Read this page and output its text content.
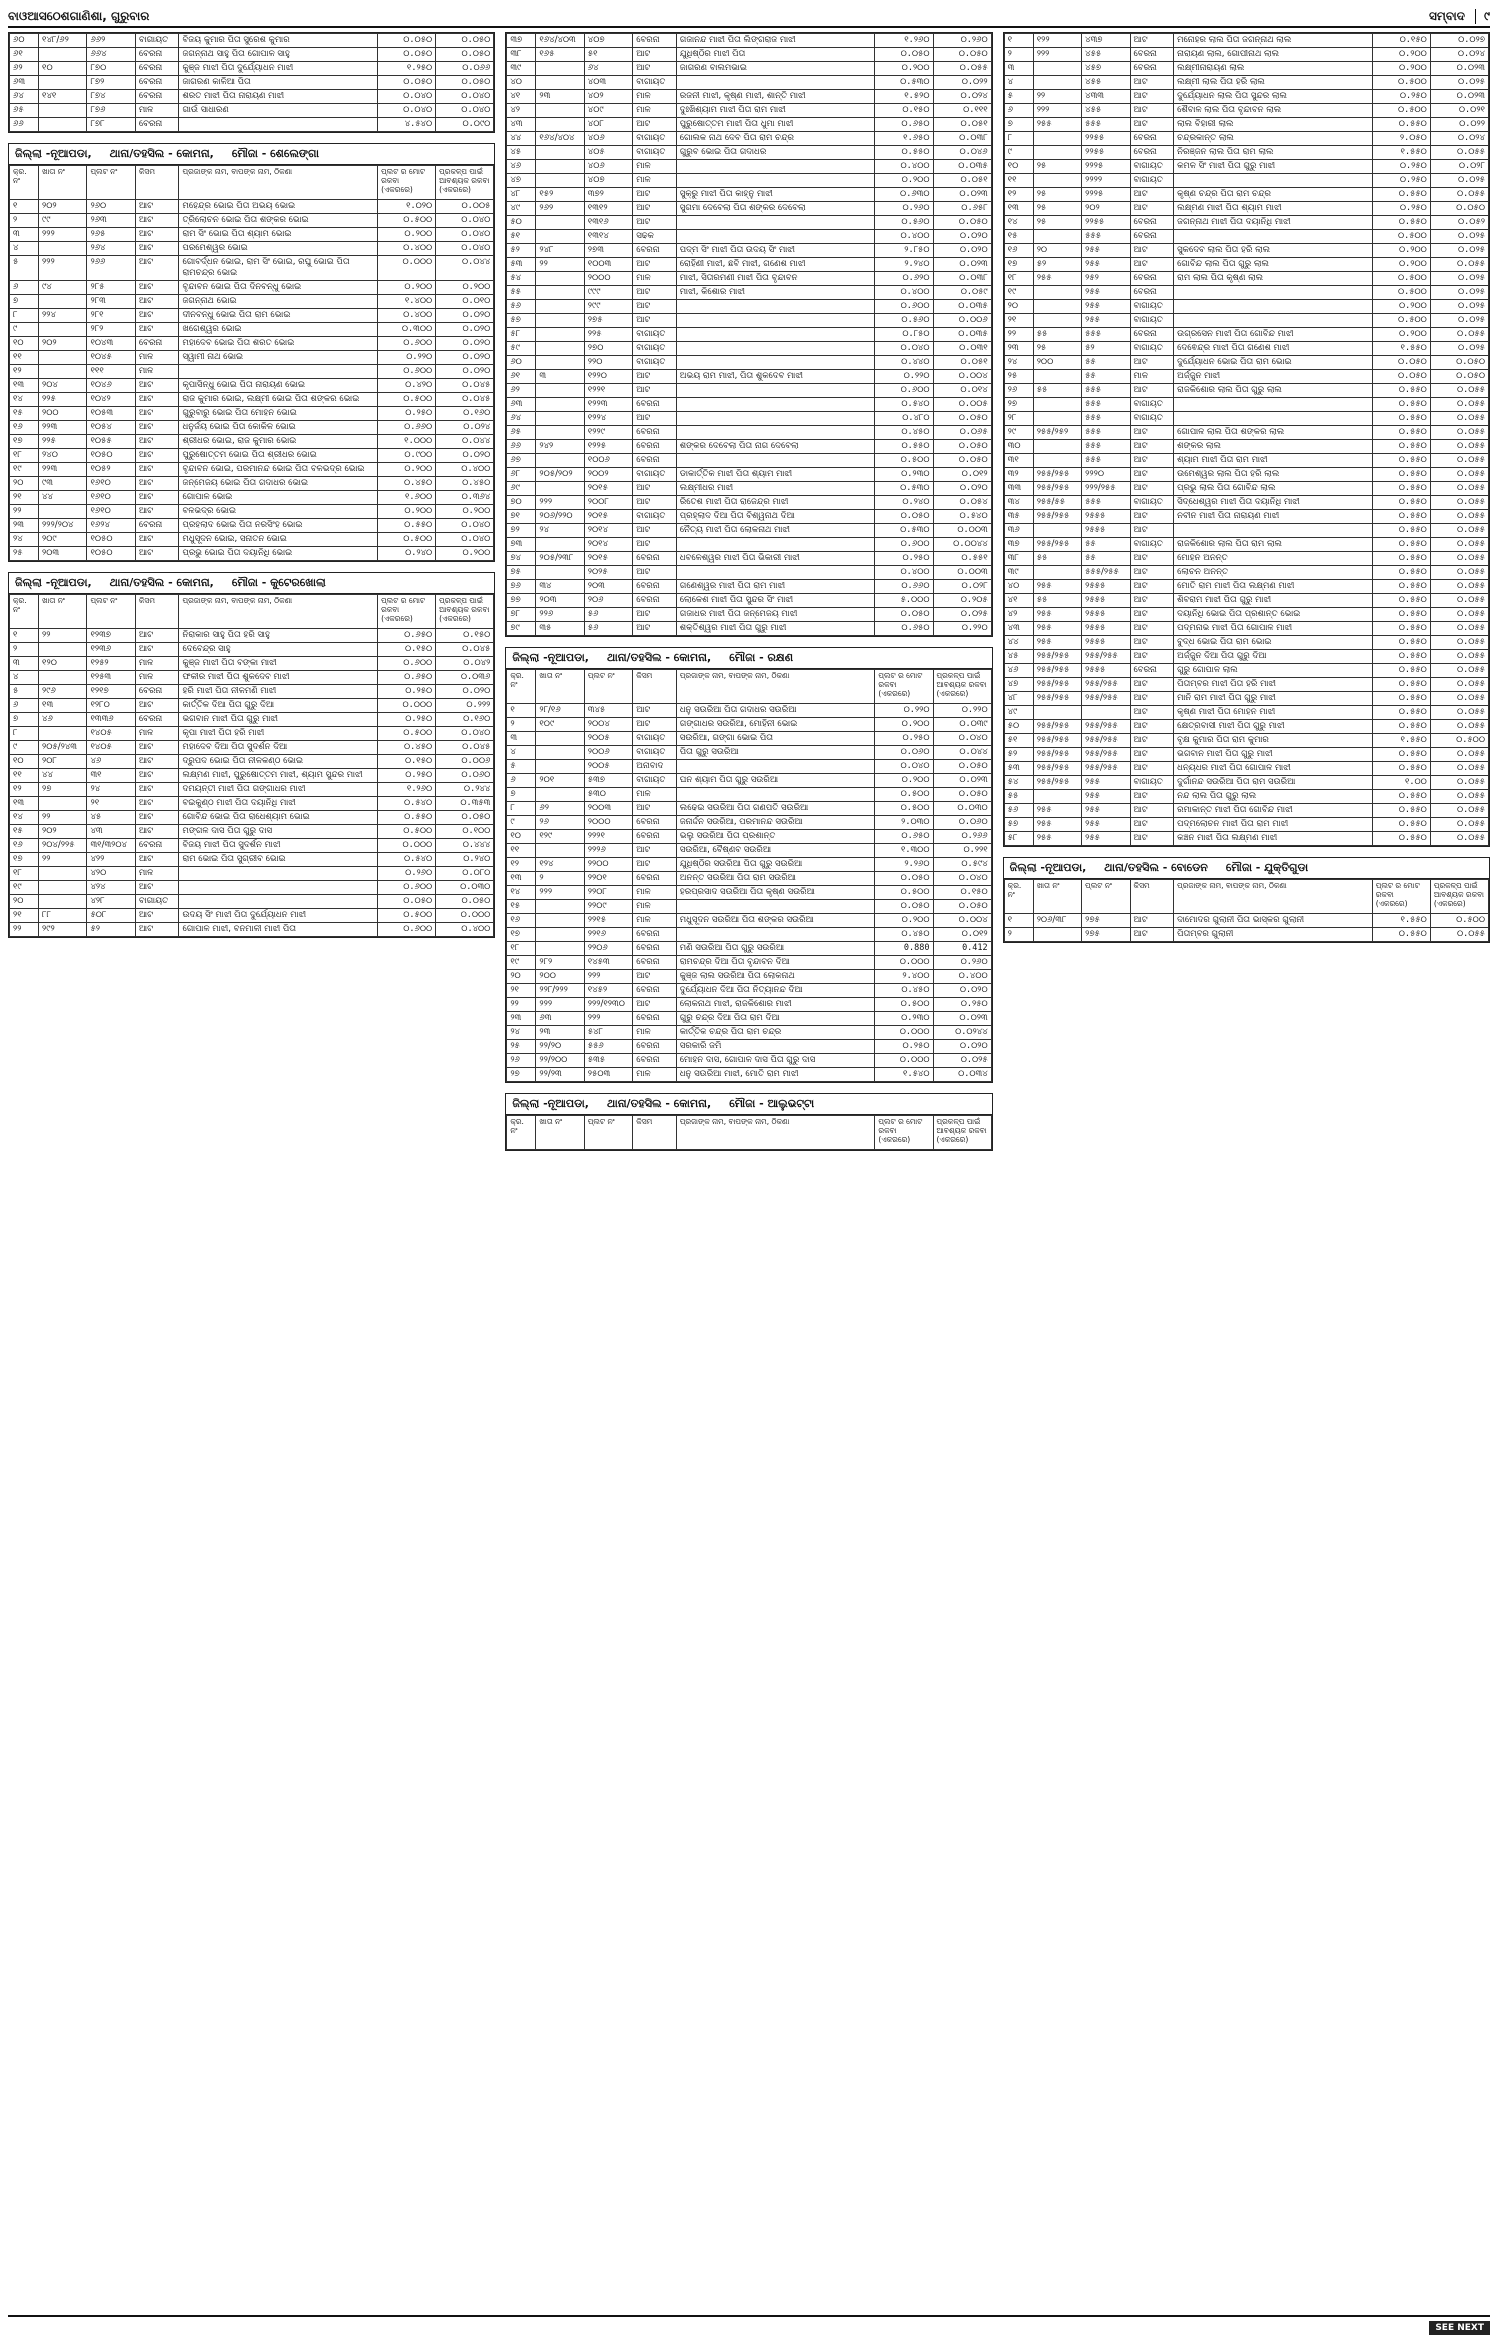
ବାଓଆସଠେଶଗାଣିଶା, ଗୁରୁବାର	ସମ୍ବାଦ	୯
୬୦	୧୪୮/୬୨	୬୬୨	ବାଗାୟତ	ବିଜୟ କୁମାର ପିତା ସୁରେଶ କୁମାର	୦.୦୫୦	୦.୦୫୦
୬୧		୬୬୪	ବେରନା	ଜଗନ୍ନାଥ ସାହୁ ପିତା ଗୋପାଳ ସାହୁ	୦.୦୫୦	୦.୦୫୦
୬୨	୧୦	୮୭୦	ବେରନା	କୁଞ୍ଜ ମାଝୀ ପିତା ଦୁର୍ଯ୍ୟୋଧନ ମାଝୀ	୧.୨୫୦	୦.୦୬୬
୬୩		୮୭୨	ବେରନା	ଜାଗରଣ କାଳିଆ ପିତା	୦.୦୫୦	୦.୦୫୦
୬୪	୧୪୧	୮୭୪	ବେରନା	ଶରତ ମାଝୀ ପିତା ନାରାୟଣ ମାଝୀ	୦.୦୪୦	୦.୦୪୦
୬୫		୮୭୬	ମାଳ	ଗାଉଁ ସାଧାରଣ	୦.୦୪୦	୦.୦୪୦
୬୬		୮୭୮	ବେରନା		୪.୫୪୦	୦.୦୯୦
ଜିଲ୍ଲା -ନୂଆପଡା, ଥାନା/ତହସିଲ - କୋମନା, ମୌଜା - ଶେଲେଙ୍ଗା
କ୍ର. ନଂ	ଖାତା ନଂ	ପ୍ଲଟ ନଂ	କିସମ	ପ୍ରଜାଙ୍କ ନାମ, ବାପଙ୍କ ନାମ, ଠିକଣା	ପ୍ଲଟ ର ମୋଟ ରକବା (ଏକରରେ)	ପ୍ରକଳ୍ପ ପାଇଁ ଆବଶ୍ୟକ ରକବା (ଏକରରେ)
୧	୨୦୨	୨୬୦	ଆଟ	ମହେନ୍ଦ୍ର ଭୋଇ ପିତା ଅଭୟ ଭୋଇ	୧.୦୨୦	୦.୦୦୫
୨	୯୯	୨୬୩	ଆଟ	ତ୍ରିଲୋଚନ ଭୋଇ ପିତା ଶଙ୍କର ଭୋଇ	୦.୫୦୦	୦.୦୪୦
୩	୨୨୨	୨୬୫	ଆଟ	ରାମ ସିଂ ଭୋଇ ପିତା ଶ୍ୟାମ ଭୋଇ	୦.୨୦୦	୦.୦୪୦
୪		୨୬୪	ଆଟ	ପରମେଶ୍ୱର ଭୋଇ	୦.୪୦୦	୦.୦୪୦
୫	୨୨୨	୨୬୬	ଆଟ	ଗୋବର୍ଦ୍ଧନ ଭୋଇ, ରାମ ସିଂ ଭୋଇ, ରଘୁ ଭୋଇ ପିତା ରାମଚନ୍ଦ୍ର ଭୋଇ	୦.୦୦୦	୦.୦୪୪
୬	୯୪	୨୮୫	ଆଟ	ବୃନ୍ଦାବନ ଭୋଇ ପିତା ଦିନବନ୍ଧୁ ଭୋଇ	୦.୨୦୦	୦.୨୦୦
୭		୨୮୩	ଆଟ	ଜଗନ୍ନାଥ ଭୋଇ	୧.୪୦୦	୦.୦୧୦
୮	୨୨୪	୨୮୧	ଆଟ	ଦୀନବନ୍ଧୁ ଭୋଇ ପିତା ରାମ ଭୋଇ	୦.୪୦୦	୦.୦୨୦
୯		୨୮୨	ଆଟ	ଖଗେଶ୍ୱର ଭୋଇ	୦.୩୦୦	୦.୦୨୦
୧୦	୨୦୨	୧୦୪୩	ବେରନା	ମହାଦେବ ଭୋଇ ପିତା ଶରତ ଭୋଇ	୦.୬୦୦	୦.୦୨୦
୧୧		୧୦୪୫	ମାଳ	ସ୍ୱାମୀ ନାଥ ଭୋଇ	୦.୨୨୦	୦.୦୨୦
୧୨		୧୧୧	ମାଳ		୦.୬୦୦	୦.୦୨୦
୧୩	୨୦୪	୧୦୪୬	ଆଟ	କୃପାସିନ୍ଧୁ ଭୋଇ ପିତା ନାରାୟଣ ଭୋଇ	୦.୪୨୦	୦.୦୪୫
୧୪	୨୨୫	୧୦୪୨	ଆଟ	ରାଜ କୁମାର ଭୋଇ, ଲକ୍ଷ୍ମୀ ଭୋଇ ପିତା ଶଙ୍କର ଭୋଇ	୦.୫୦୦	୦.୦୪୫
୧୫	୨୦୦	୧୦୫୩	ଆଟ	ଗୁରୁବାରୁ ଭୋଇ ପିତା ମୋହନ ଭୋଇ	୦.୨୫୦	୦.୧୬୦
୧୬	୨୨୩	୧୦୫୪	ଆଟ	ଧନୁର୍ଜୟ ଭୋଇ ପିତା କୋକିଳ ଭୋଇ	୦.୬୬୦	୦.୦୨୪
୧୭	୨୨୫	୧୦୫୫	ଆଟ	ଶ୍ରୀଧର ଭୋଇ, ରାଜ କୁମାର ଭୋଇ	୧.୦୦୦	୦.୦୪୪
୧୮	୨୪୦	୧୦୫୦	ଆଟ	ପୁରୁଷୋତ୍ତମ ଭୋଇ ପିତା ଶ୍ରୀଧର ଭୋଇ	୦.୯୦୦	୦.୦୨୦
୧୯	୨୨୩	୧୦୫୨	ଆଟ	ବୃନ୍ଦାବନ ଭୋଇ, ପରମାନନ୍ଦ ଭୋଇ ପିତା ବଳଭଦ୍ର ଭୋଇ	୦.୨୦୦	୦.୪୦୦
୨୦	୯୩	୧୬୧୦	ଆଟ	ଜନ୍ମେଜୟ ଭୋଇ ପିତା ଗଦାଧର ଭୋଇ	୦.୪୫୦	୦.୪୫୦
୨୧	୪୪	୧୬୧୦	ଆଟ	ଗୋପାଳ ଭୋଇ	୧.୬୦୦	୦.୩୬୪
୨୨		୧୬୧୦	ଆଟ	ବଳଭଦ୍ର ଭୋଇ	୦.୨୦୦	୦.୨୦୦
୨୩	୨୨୨/୨୦୪	୧୬୨୪	ବେରନା	ପ୍ରହଲାଦ ଭୋଇ ପିତା ନରସିଂହ ଭୋଇ	୦.୫୫୦	୦.୦୪୦
୨୪	୨୦୯	୧୦୫୦	ଆଟ	ମଧୁସୂଦନ ଭୋଇ, ସନାତନ ଭୋଇ	୦.୫୦୦	୦.୦୪୦
୨୫	୨୦୩	୧୦୫୦	ଆଟ	ପ୍ରଭୁ ଭୋଇ ପିତା ଦୟାନିଧି ଭୋଇ	୦.୨୪୦	୦.୨୦୦
ଜିଲ୍ଲା -ନୂଆପଡା, ଥାନା/ତହସିଲ - କୋମନା, ମୌଜା - କୁଟେରଖୋଲା
କ୍ର. ନଂ	ଖାତା ନଂ	ପ୍ଲଟ ନଂ	କିସମ	ପ୍ରଜାଙ୍କ ନାମ, ବାପଙ୍କ ନାମ, ଠିକଣା	ପ୍ଲଟ ର ମୋଟ ରକବା (ଏକରରେ)	ପ୍ରକଳ୍ପ ପାଇଁ ଆବଶ୍ୟକ ରକବା (ଏକରରେ)
୧	୨୨	୧୨୩୭	ଆଟ	ନିରାକାର ସାହୁ ପିତା ହରି ସାହୁ	୦.୬୫୦	୦.୧୫୦
୨		୧୨୩୬	ଆଟ	ଦେବେନ୍ଦ୍ର ସାହୁ	୦.୧୫୦	୦.୦୪୫
୩	୧୨୦	୧୨୫୨	ମାଳ	କୁଞ୍ଜ ମାଝୀ ପିତା ବଙ୍କା ମାଝୀ	୦.୬୦୦	୦.୦୪୨
୪		୧୨୫୩	ମାଳ	ଫକୀର ମାଝୀ ପିତା ଶୁକଦେବ ମାଝୀ	୦.୬୫୦	୦.୦୩୬
୫	୨୯୬	୧୨୧୭	ବେରନା	ହରି ମାଝୀ ପିତା ନୀଳମଣି ମାଝୀ	୦.୨୫୦	୦.୦୨୦
୬	୧୩	୧୨୮୦	ଆଟ	କାର୍ତ୍ତିକ ଦିଆ ପିତା ଗୁରୁ ଦିଆ	୦.୦୦୦	୦.୨୨୨
୭	୪୬	୧୩୩୬	ବେରନା	ଭଗବାନ ମାଝୀ ପିତା ଗୁରୁ ମାଝୀ	୦.୨୫୦	୦.୧୬୦
୮		୧୪୦୫	ମାଳ	କୃପା ମାଝୀ ପିତା ହରି ମାଝୀ	୦.୫୦୦	୦.୦୪୦
୯	୨୦୫/୨୪୩	୧୪୦୫	ଆଟ	ମହାଦେବ ଦିଆ ପିତା ସୁଦର୍ଶନ ଦିଆ	୦.୪୫୦	୦.୦୪୫
୧୦	୨୦୮	୪୬	ଆଟ	ଦ୍ରୁପଦ ଭୋଇ ପିତା ନୀଳକଣ୍ଠ ଭୋଇ	୦.୧୫୦	୦.୦୦୬
୧୧	୪୪	୩୧	ଆଟ	ଲକ୍ଷ୍ମଣ ମାଝୀ, ପୁରୁଷୋତ୍ତମ ମାଝୀ, ଶ୍ୟାମ ସୁନ୍ଦର ମାଝୀ	୦.୨୫୦	୦.୦୬୦
୧୨	୨୭	୨୪	ଆଟ	ଦମୟନ୍ତୀ ମାଝୀ ପିତା ଗଙ୍ଗାଧର ମାଝୀ	୧.୨୬୦	୦.୨୪୪
୧୩		୨୧	ଆଟ	ବଇକୁଣ୍ଠ ମାଝୀ ପିତା ଦୟାନିଧି ମାଝୀ	୦.୫୪୦	୦.୩୫୩
୧୪	୨୨	୪୫	ଆଟ	ଗୋବିନ୍ଦ ଭୋଇ ପିତା ରାଧେଶ୍ୟାମ ଭୋଇ	୦.୫୫୦	୦.୦୫୦
୧୫	୨୦୨	୪୩	ଆଟ	ମଙ୍ଗଳ ଦାସ ପିତା ଗୁରୁ ଦାସ	୦.୫୦୦	୦.୧୦୦
୧୬	୨୦୪/୨୨୫	୩୧/୩୨୦୪	ବେରନା	ବିଜୟ ମାଝୀ ପିତା ସୁଦର୍ଶନ ମାଝୀ	୦.୦୦୦	୦.୪୪୪
୧୭	୨୨	୪୨୨	ଆଟ	ରାମ ଭୋଇ ପିତା ସୁଗ୍ରୀବ ଭୋଇ	୦.୫୪୦	୦.୨୪୦
୧୮		୪୨୦	ମାଳ		୦.୨୬୦	୦.୦୮୦
୧୯		୪୨୪	ଆଟ		୦.୬୦୦	୦.୦୩୦
୨୦		୪୨୮	ବାଗାୟତ		୦.୦୫୦	୦.୦୫୦
୨୧	୮୮	୫୦୮	ଆଟ	ଉଦୟ ସିଂ ମାଝୀ ପିତା ଦୁର୍ଯ୍ୟୋଧନ ମାଝୀ	୦.୫୦୦	୦.୦୦୦
୨୨	୨୯୨	୫୨	ଆଟ	ଗୋପାଳ ମାଝୀ, ବନମାଳୀ ମାଝୀ ପିତା	୦.୬୦୦	୦.୪୦୦
୩୭	୧୬୪/୪୦୩	୪୦୭	ବେରନା	ଗଜାନନ୍ଦ ମାଝୀ ପିତା ଲିଙ୍ଗରାଜ ମାଝୀ	୧.୨୬୦	୦.୨୬୦
୩୮	୧୬୫	୫୧	ଆଟ	ଯୁଧିଷ୍ଠିର ମାଝୀ ପିତା	୦.୦୫୦	୦.୦୫୦
୩୯		୬୪	ଆଟ	ଜାଗରଣ ବାଲମଭାଇ	୦.୨୦୦	୦.୦୫୫
୪୦		୪୦୩	ବାଗାୟତ		୦.୫୩୦	୦.୦୨୨
୪୧	୨୩	୪୦୨	ମାଳ	ରଜନୀ ମାଝୀ, କୃଷ୍ଣ ମାଝୀ, ଶାନ୍ତି ମାଝୀ	୧.୫୨୦	୦.୦୨୪
୪୨		୪୦୯	ମାଳ	ଦୁଃଖିଶ୍ୟାମ ମାଝୀ ପିତା ରାମ ମାଝୀ	୦.୧୫୦	୦.୧୧୧
୪୩		୪୦୮	ଆଟ	ପୁରୁଷୋତ୍ତମ ମାଝୀ ପିତା ଧୁମା ମାଝୀ	୦.୬୫୦	୦.୦୫୧
୪୪	୧୬୪/୪୦୪	୪୦୬	ବାଗାୟତ	ଗୋଲକ ନାଥ ଦେବ ପିତା ରାମ ଚନ୍ଦ୍ର	୧.୬୫୦	୦.୦୩୮
୪୫		୪୦୫	ବାଗାୟତ	ଗୁରୁବ ଭୋଇ ପିତା ଗଦାଧର	୦.୫୫୦	୦.୦୪୬
୪୬		୪୦୬	ମାଳ		୦.୪୦୦	୦.୦୩୫
୪୭		୪୦୭	ମାଳ		୦.୨୦୦	୦.୦୫୧
୪୮	୧୫୨	୩୭୨	ଆଟ	ସୁକ୍ରୁ ମାଝୀ ପିତା କାହ୍ନୁ ମାଝୀ	୦.୬୩୦	୦.୦୨୩
୪୯	୨୬୨	୧୩୧୨	ଆଟ	ସୁଗମା ଦେବେଲା ପିତା ଶଙ୍କର ଦେବେଲା	୦.୨୬୦	୦.୬୫୮
୫୦		୧୩୧୬	ଆଟ		୦.୫୬୦	୦.୦୫୦
୫୧		୧୩୧୪	ସଢକ		୦.୪୦୦	୦.୦୨୦
୫୨	୨୪୮	୨୭୩	ବେରନା	ପଦ୍ମ ସିଂ ମାଝୀ ପିତା ଉଦୟ ସିଂ ମାଝୀ	୨.୮୫୦	୦.୦୨୦
୫୩	୨୨	୧୦୦୩	ଆଟ	ରୋହିଣୀ ମାଝୀ, ଛବି ମାଝୀ, ଗଣେଶ ମାଝୀ	୨.୨୪୦	୦.୦୨୩
୫୪		୨୦୦୦	ମାଳ	ମାଝୀ, ସିତାରମଣୀ ମାଝୀ ପିତା ବୃନ୍ଦାବନ	୦.୬୨୦	୦.୦୩୮
୫୫		୯୯୯	ଆଟ	ମାଝୀ, କିଶୋର ମାଝୀ	୦.୪୦୦	୦.୦୫୯
୫୬		୨୯୯	ଆଟ		୦.୬୦୦	୦.୦୩୫
୫୭		୨୭୫	ଆଟ		୦.୫୬୦	୦.୦୦୬
୫୮		୨୨୫	ବାଗାୟତ		୦.୮୫୦	୦.୦୩୫
୫୯		୨୭୦	ବାଗାୟତ		୦.୦୪୦	୦.୦୩୧
୬୦		୨୨୦	ବାଗାୟତ		୦.୪୪୦	୦.୦୫୧
୬୧	୩	୧୨୨୦	ଆଟ	ଅଭୟ ରାମ ମାଝୀ, ପିତା ଶୁକଦେବ ମାଝୀ	୦.୨୨୦	୦.୦୦୪
୬୨		୧୨୨୧	ଆଟ		୦.୬୦୦	୦.୦୧୪
୬୩		୧୨୨୩	ବେରନା		୦.୫୪୦	୦.୦୦୫
୬୪		୧୨୨୪	ଆଟ		୦.୪୮୦	୦.୦୫୦
୬୫		୧୨୨୯	ବେରନା		୦.୪୫୦	୦.୦୬୫
୬୬	୨୪୨	୧୨୨୫	ବେରନା	ଶଙ୍କର ଦେବେଲା ପିତା ନାଗ ଦେବେଲା	୦.୫୫୦	୦.୦୫୦
୬୭		୧୦୦୬	ବେରନା		୦.୫୦୦	୦.୦୫୦
୬୮	୨୦୫/୨୦୨	୨୦୦୨	ବାଗାୟତ	ଡାକାର୍ତ୍ତିକ ମାଝୀ ପିତା ଶ୍ୟାମ ମାଝୀ	୦.୨୩୦	୦.୦୧୨
୬୯		୨୦୧୫	ଆଟ	ଲକ୍ଷ୍ମୀଧର ମାଝୀ	୦.୫୩୦	୦.୦୨୦
୭୦	୨୨୨	୨୦୦୮	ଆଟ	ରିତେଶ ମାଝୀ ପିତା ରାଜେନ୍ଦ୍ର ମାଝୀ	୦.୨୪୦	୦.୦୫୪
୭୧	୨୦୬/୨୨୦	୨୦୧୫	ବାଗାୟତ	ପ୍ରହ୍ଲାଦ ଦିଆ ପିତା ବିଶ୍ୱନାଥ ଦିଆ	୦.୦୫୦	୦.୫୪୦
୭୨	୨୪	୨୦୧୪	ଆଟ	ନୈତ୍ୟ ମାଝୀ ପିତା ଲୋକନାଥ ମାଝୀ	୦.୫୩୦	୦.୦୦୩
୭୩		୨୦୧୪	ଆଟ		୦.୬୦୦	୦.୦୦୪୪
୭୪	୨୦୫/୨୩୮	୨୦୧୫	ବେରନା	ଧବଳେଶ୍ୱର ମାଝୀ ପିତା ଭିକାରୀ ମାଝୀ	୦.୨୫୦	୦.୫୫୧
୭୫		୨୦୨୫	ଆଟ		୦.୪୦୦	୦.୦୦୩
୭୬	୩୪	୨୦୩	ବେରନା	ଗଣେଶ୍ୱର ମାଝୀ ପିତା ରାମ ମାଝୀ	୦.୬୬୦	୦.୦୨୮
୭୭	୨୦୩	୨୦୬	ବେରନା	ଲୋକେଶ ମାଝୀ ପିତା ସୁନ୍ଦର ସିଂ ମାଝୀ	୫.୦୦୦	୦.୨୦୫
୭୮	୨୨୬	୫୬	ଆଟ	ଗଜାଧର ମାଝୀ ପିତା ଜନ୍ମେଜୟ ମାଝୀ	୦.୦୫୦	୦.୦୨୫
୭୯	୩୫	୫୬	ଆଟ	ଶକ୍ତିଶ୍ୱର ମାଝୀ ପିତା ଗୁରୁ ମାଝୀ	୦.୬୫୦	୦.୨୨୦
ଜିଲ୍ଲା -ନୂଆପଡା, ଥାନା/ତହସିଲ - କୋମନା, ମୌଜା - ରକ୍ଷଣ
କ୍ର. ନଂ	ଖାତା ନଂ	ପ୍ଲଟ ନଂ	କିସମ	ପ୍ରଜାଙ୍କ ନାମ, ବାପଙ୍କ ନାମ, ଠିକଣା	ପ୍ଲଟ ର ମୋଟ ରକବା (ଏକରରେ)	ପ୍ରକଳ୍ପ ପାଇଁ ଆବଶ୍ୟକ ରକବା (ଏକରରେ)
୧	୨୮/୧୬	୩୪୫	ଆଟ	ଧନୁ ସଉରିଆ ପିତା ଗଦାଧର ସଉରିଆ	୦.୨୨୦	୦.୨୨୦
୨	୧୦୯	୨୦୦୪	ଆଟ	ଗଙ୍ଗାଧର ସଉରିଆ, ମୋହିନୀ ଭୋଇ	୦.୨୦୦	୦.୦୩୯
୩		୨୦୦୫	ବାଗାୟତ	ସଉରିଆ, ଗଙ୍ଗା ଭୋଇ ପିତା	୦.୨୫୦	୦.୦୪୦
୪		୨୦୦୬	ବାଗାୟତ	ପିତା ଗୁରୁ ସଉରିଆ	୦.୦୬୦	୦.୦୪୪
୫		୨୦୦୫	ଅନାବାଦ		୦.୦୪୦	୦.୦୫୦
୬	୨୦୧	୫୩୭	ବାଗାୟତ	ଘନ ଶ୍ୟାମ ପିତା ଗୁରୁ ସଉରିଆ	୦.୨୦୦	୦.୦୨୩
୭		୫୩୦	ମାଳ		୦.୫୦୦	୦.୦୫୦
୮	୬୨	୨୦୦୩	ଆଟ	ଲଢେଇ ସଉରିଆ ପିତା ଗଣପତି ସଉରିଆ	୦.୫୦୦	୦.୦୩୦
୯	୨୬	୨୦୦୦	ବେରନା	ଜନାର୍ଦ୍ଦନ ସଉରିଆ, ପରମାନନ୍ଦ ସଉରିଆ	୨.୦୩୦	୦.୦୬୦
୧୦	୧୨୯	୨୨୨୧	ବେରନା	ଭଲୁ ସଉରିଆ ପିତା ପ୍ରଶାନ୍ତ	୦.୬୫୦	୦.୨୬୬
୧୧		୨୨୨୬	ଆଟ	ସଉରିଆ, ବୈଷ୍ଣବ ସଉରିଆ	୧.୩୦୦	୦.୨୨୧
୧୨	୧୨୪	୨୨୦୦	ଆଟ	ଯୁଧିଷ୍ଠିର ସଉରିଆ ପିତା ଗୁରୁ ସଉରିଆ	୨.୨୬୦	୦.୫୯୪
୧୩	୨	୨୨୦୧	ବେରନା	ଅନନ୍ତ ସଉରିଆ ପିତା ରାମ ସଉରିଆ	୦.୦୫୦	୦.୦୪୦
୧୪	୨୨୨	୨୨୦୮	ମାଳ	ହରପ୍ରସାଦ ସଉରିଆ ପିତା କୃଷ୍ଣ ସଉରିଆ	୦.୫୦୦	୦.୧୫୦
୧୫		୨୨୦୯	ମାଳ		୦.୦୫୦	୦.୦୫୦
୧୬		୨୨୧୫	ମାଳ	ମଧୁସୂଦନ ସଉରିଆ ପିତା ଶଙ୍କର ସଉରିଆ	୦.୨୦୦	୦.୦୦୪
୧୭		୨୨୧୬	ବେରନା		୦.୪୫୦	୦.୦୧୨
୧୮		୨୨୦୬	ବେରନା	ମଣି ସଉରିଆ ପିତା ଗୁରୁ ସଉରିଆ	0.880	0.412
୧୯	୨୮୨	୧୪୫୩	ବେରନା	ରାମଚନ୍ଦ୍ର ଦିଆ ପିତା ବୃନ୍ଦାବନ ଦିଆ	୦.୦୦୦	୦.୨୬୦
୨୦	୨୦୦	୨୨୨	ଆଟ	କୁଞ୍ଜ ଲାଲ ସଉରିଆ ପିତା ଲୋକନାଥ	୨.୪୦୦	୦.୪୦୦
୨୧	୨୨୮/୨୨୨	୧୪୫୨	ବେରନା	ଦୁର୍ଯ୍ୟୋଧନ ଦିଆ ପିତା ନିତ୍ୟାନନ୍ଦ ଦିଆ	୦.୪୫୦	୦.୦୨୦
୨୨	୨୨୨	୨୨୨/୧୨୩୦	ଆଟ	ଲୋକନାଥ ମାଝୀ, ରାଜକିଶୋର ମାଝୀ	୦.୫୦୦	୦.୨୫୦
୨୩	୬୩	୨୨୨	ବେରନା	ଗୁରୁ ଚନ୍ଦ୍ର ଦିଆ ପିତା ରାମ ଦିଆ	୦.୨୩୦	୦.୦୨୩
୨୪	୨୩	୫୪୮	ମାଳ	କାର୍ତ୍ତିକ ଚନ୍ଦ୍ର ପିତା ରାମ ଚନ୍ଦ୍ର	୦.୦୦୦	୦.୦୨୪୪
୨୫	୨୨/୨୦	୫୫୬	ବେରନା	ସରକାରି ଜମି	୦.୨୫୦	୦.୦୨୦
୨୬	୨୨/୨୦୦	୫୩୫	ବେରନା	ମୋହନ ଦାସ, ଗୋପାଳ ଦାସ ପିତା ଗୁରୁ ଦାସ	୦.୦୦୦	୦.୦୨୫
୨୭	୨୨/୨୩	୨୫୦୩	ମାଳ	ଧନୁ ସଉରିଆ ମାଝୀ, ମୋତି ରାମ ମାଝୀ	୧.୫୪୦	୦.୦୩୪
ଜିଲ୍ଲା -ନୂଆପଡା, ଥାନା/ତହସିଲ - କୋମନା, ମୌଜା - ଆଲୁଭଟ୍ଟା
କ୍ର. ନଂ	ଖାତା ନଂ	ପ୍ଲଟ ନଂ	କିସମ	ପ୍ରଜାଙ୍କ ନାମ, ବାପଙ୍କ ନାମ, ଠିକଣା	ପ୍ଲଟ ର ମୋଟ ରକବା (ଏକରରେ)	ପ୍ରକଳ୍ପ ପାଇଁ ଆବଶ୍ୟକ ରକବା (ଏକରରେ)
୧	୧୨୨	୪୩୭	ଆଟ	ମନୋହର ଲାଲ ପିତା ଜଗନ୍ନାଥ ଲାଲ	୦.୧୫୦	୦.୦୨୭
୨	୨୨୨	୪୫୫	ବେରନା	ନାରାୟଣ ଲାଲ, ଗୋପୀନାଥ ଲାଲ	୦.୨୦୦	୦.୦୨୪
୩		୪୫୭	ବେରନା	ଲକ୍ଷ୍ମୀନାରାୟଣ ଲାଲ	୦.୨୦୦	୦.୦୨୩
୪		୪୫୫	ଆଟ	ଲକ୍ଷ୍ମୀ ଲାଲ ପିତା ହରି ଲାଲ	୦.୫୦୦	୦.୦୨୫
୫	୨୨	୪୩୩	ଆଟ	ଦୁର୍ଯ୍ୟୋଧନ ଲାଲ ପିତା ସୁନ୍ଦର ଲାଲ	୦.୨୫୦	୦.୦୨୩
୬	୨୨୨	୪୫୫	ଆଟ	ଶୈବାଳ ଲାଲ ପିତା ବୃନ୍ଦାବନ ଲାଲ	୦.୫୦୦	୦.୦୨୧
୭	୨୫୫	୫୫୫	ଆଟ	ଲାଲ ବିହାରୀ ଲାଲ	୦.୫୫୦	୦.୦୨୨
୮		୨୨୫୫	ବେରନା	ଚନ୍ଦ୍ରକାନ୍ତ ଲାଲ	୨.୦୫୦	୦.୦୨୪
୯		୨୨୫୫	ବେରନା	ନିରଞ୍ଜନ ଲାଲ ପିତା ରାମ ଲାଲ	୧.୫୫୦	୦.୦୫୫
୧୦	୨୫	୨୨୨୫	ବାଗାୟତ	କମଳ ସିଂ ମାଝୀ ପିତା ଗୁରୁ ମାଝୀ	୦.୨୫୦	୦.୦୨୮
୧୧		୨୨୨୨	ବାଗାୟତ		୦.୨୫୦	୦.୦୨୫
୧୨	୨୫	୨୨୨୫	ଆଟ	କୃଷ୍ଣ ଚନ୍ଦ୍ର ପିତା ରାମ ଚନ୍ଦ୍ର	୦.୫୫୦	୦.୦୫୫
୧୩	୨୫	୨୦୨	ଆଟ	ଲକ୍ଷ୍ମଣ ମାଝୀ ପିତା ଶ୍ୟାମ ମାଝୀ	୦.୨୫୦	୦.୦୫୦
୧୪	୨୫	୨୨୫୫	ବେରନା	ଜଗନ୍ନାଥ ମାଝୀ ପିତା ଦୟାନିଧି ମାଝୀ	୦.୫୫୦	୦.୦୫୨
୧୫		୫୫୫	ବେରନା		୦.୫୦୦	୦.୦୨୫
୧୬	୨୦	୨୫୫	ଆଟ	ସୁକଦେବ ଲାଲ ପିତା ହରି ଲାଲ	୦.୨୦୦	୦.୦୨୫
୧୭	୫୨	୨୫୫	ଆଟ	ଗୋବିନ୍ଦ ଲାଲ ପିତା ଗୁରୁ ଲାଲ	୦.୨୦୦	୦.୦୫୫
୧୮	୨୫୫	୨୫୨	ବେରନା	ରାମ ଲାଲ ପିତା କୃଷ୍ଣ ଲାଲ	୦.୫୦୦	୦.୦୨୫
୧୯		୨୫୫	ବେରନା		୦.୫୦୦	୦.୦୨୫
୨୦		୨୫୫	ବାଗାୟତ		୦.୨୦୦	୦.୦୨୫
୨୧		୨୫୫	ବାଗାୟତ		୦.୫୦୦	୦.୦୨୫
୨୨	୫୫	୫୫୫	ବେରନା	ଉଗ୍ରସେନ ମାଝୀ ପିତା ଗୋବିନ୍ଦ ମାଝୀ	୦.୨୦୦	୦.୦୫୫
୨୩	୨୫	୫୨	ବାଗାୟତ	ଦେଵେନ୍ଦ୍ର ମାଝୀ ପିତା ଗଣେଶ ମାଝୀ	୧.୫୫୦	୦.୦୨୫
୨୪	୨୦୦	୫୫	ଆଟ	ଦୁର୍ଯ୍ୟୋଧନ ଭୋଇ ପିତା ରାମ ଭୋଇ	୦.୦୫୦	୦.୦୫୦
୨୫		୫୫	ମାଳ	ଅର୍ଜ୍ଜୁନ ମାଝୀ	୦.୦୫୦	୦.୦୫୦
୨୬	୫୫	୫୫୫	ଆଟ	ରାଜକିଶୋର ଲାଲ ପିତା ଗୁରୁ ଲାଲ	୦.୫୫୦	୦.୦୫୫
୨୭		୫୫୫	ବାଗାୟତ		୦.୫୫୦	୦.୦୫୫
୨୮		୫୫୫	ବାଗାୟତ		୦.୫୫୦	୦.୦୫୫
୨୯	୨୫୫/୨୫୨	୫୫୫	ଆଟ	ଗୋପାଳ ଲାଲ ପିତା ଶଙ୍କର ଲାଲ	୦.୫୫୦	୦.୦୫୫
୩୦		୫୫୫	ଆଟ	ଶଙ୍କର ଲାଲ	୦.୫୫୦	୦.୦୫୫
୩୧		୫୫୫	ଆଟ	ଶ୍ୟାମ ମାଝୀ ପିତା ରାମ ମାଝୀ	୦.୫୫୦	୦.୦୫୫
୩୨	୨୫୫/୨୫୫	୨୨୨୦	ଆଟ	ଉମେଶ୍ୱର ଲାଲ ପିତା ହରି ଲାଲ	୦.୫୫୦	୦.୦୫୫
୩୩	୨୫୫/୨୫୫	୨୨୨/୨୫୫	ଆଟ	ପ୍ରଭୁ ଲାଲ ପିତା ଗୋବିନ୍ଦ ଲାଲ	୦.୫୫୦	୦.୦୫୫
୩୪	୨୫୫/୫୫	୫୫୫	ବାଗାୟତ	ସିଦ୍ଧେଶ୍ୱର ମାଝୀ ପିତା ଦୟାନିଧି ମାଝୀ	୦.୫୫୦	୦.୦୫୫
୩୫	୨୫୫/୨୫୫	୨୫୫୫	ଆଟ	ନବୀନ ମାଝୀ ପିତା ନାରାୟଣ ମାଝୀ	୦.୫୫୦	୦.୦୫୫
୩୬		୨୫୫୫	ଆଟ		୦.୫୫୦	୦.୦୫୫
୩୭	୨୫୫/୨୫୫	୫୫	ବାଗାୟତ	ରାଜକିଶୋର ଲାଲ ପିତା ରାମ ଲାଲ	୦.୫୫୦	୦.୦୫୫
୩୮	୫୫	୫୫	ଆଟ	ମୋହନ ଅନନ୍ତ	୦.୫୫୦	୦.୦୫୫
୩୯		୫୫୫/୨୫୫	ଆଟ	ଲୋଚନ ଅନନ୍ତ	୦.୫୫୦	୦.୦୫୫
୪୦	୨୫୫	୨୫୫୫	ଆଟ	ମୋତି ରାମ ମାଝୀ ପିତା ଲକ୍ଷ୍ମଣ ମାଝୀ	୦.୫୫୦	୦.୦୫୫
୪୧	୫୫	୨୫୫୫	ଆଟ	ଶିବରାମ ମାଝୀ ପିତା ଗୁରୁ ମାଝୀ	୦.୫୫୦	୦.୦୫୫
୪୨	୨୫୫	୨୫୫୫	ଆଟ	ଦୟାନିଧି ଭୋଇ ପିତା ପ୍ରଶାନ୍ତ ଭୋଇ	୦.୫୫୦	୦.୦୫୫
୪୩	୨୫୫	୨୫୫୫	ଆଟ	ପଦ୍ମନାଭ ମାଝୀ ପିତା ଗୋପାଳ ମାଝୀ	୦.୫୫୦	୦.୦୫୫
୪୪	୨୫୫	୨୫୫୫	ଆଟ	ବୁଦ୍ଧ ଭୋଇ ପିତା ରାମ ଭୋଇ	୦.୫୫୦	୦.୦୫୫
୪୫	୨୫୫/୨୫୫	୨୫୫/୨୫୫	ଆଟ	ଅର୍ଜ୍ଜୁନ ଦିଆ ପିତା ଗୁରୁ ଦିଆ	୦.୫୫୦	୦.୦୫୫
୪୬	୨୫୫/୨୫୫	୨୫୫୫	ବେରନା	ଗୁରୁ ଗୋପାଳ ଲାଲ	୦.୫୫୦	୦.୦୫୫
୪୭	୨୫୫/୨୫୫	୨୫୫/୨୫୫	ଆଟ	ପିତାମ୍ବର ମାଝୀ ପିତା ହରି ମାଝୀ	୦.୫୫୦	୦.୦୫୫
୪୮	୨୫୫/୨୫୫	୨୫୫/୨୫୫	ଆଟ	ମାନି ରାମ ମାଝୀ ପିତା ଗୁରୁ ମାଝୀ	୦.୫୫୦	୦.୦୫୫
୪୯			ଆଟ	କୃଷ୍ଣ ମାଝୀ ପିତା ମୋହନ ମାଝୀ	୦.୫୫୦	୦.୦୫୫
୫୦	୨୫୫/୨୫୫	୨୫୫/୨୫୫	ଆଟ	କ୍ଷେତ୍ରବାସୀ ମାଝୀ ପିତା ଗୁରୁ ମାଝୀ	୦.୫୫୦	୦.୦୫୫
୫୧	୨୫୫/୨୫୫	୨୫୫/୨୫୫	ଆଟ	ବୃକ୍ଷ କୁମାର ପିତା ରାମ କୁମାର	୧.୫୫୦	୦.୫୦୦
୫୨	୨୫୫/୨୫୫	୨୫୫/୨୫୫	ଆଟ	ଭଗବାନ ମାଝୀ ପିତା ଗୁରୁ ମାଝୀ	୦.୫୫୦	୦.୦୫୫
୫୩	୨୫୫/୨୫୫	୨୫୫/୨୫୫	ଆଟ	ଧନ୍ୟଧର ମାଝୀ ପିତା ଗୋପାଳ ମାଝୀ	୦.୫୫୦	୦.୦୫୫
୫୪	୨୫୫/୨୫୫	୨୫୫	ବାଗାୟତ	ଦୁର୍ଗାନନ୍ଦ ସଉରିଆ ପିତା ରାମ ସଉରିଆ	୧.୦୦	୦.୦୫୫
୫୫		୨୫୫	ଆଟ	ନନ୍ଦ ଲାଲ ପିତା ଗୁରୁ ଲାଲ	୦.୫୫୦	୦.୦୫୫
୫୬	୨୫୫	୨୫୫	ଆଟ	ରମାକାନ୍ତ ମାଝୀ ପିତା ଗୋବିନ୍ଦ ମାଝୀ	୦.୫୫୦	୦.୦୫୫
୫୭	୨୫୫	୨୫୫	ଆଟ	ପଦ୍ମଲୋଚନ ମାଝୀ ପିତା ରାମ ମାଝୀ	୦.୫୫୦	୦.୦୫୫
୫୮	୨୫୫	୨୫୫	ଆଟ	କଞ୍ଚନ ମାଝୀ ପିତା ଲକ୍ଷ୍ମଣ ମାଝୀ	୦.୫୫୦	୦.୦୫୫
ଜିଲ୍ଲା -ନୂଆପଡା, ଥାନା/ତହସିଲ - ବୋଡେନ ମୌଜା - ଯୁକ୍ତିଗୁଡା
କ୍ର. ନଂ	ଖାତା ନଂ	ପ୍ଲଟ ନଂ	କିସମ	ପ୍ରଜାଙ୍କ ନାମ, ବାପଙ୍କ ନାମ, ଠିକଣା	ପ୍ଲଟ ର ମୋଟ ରକବା (ଏକରରେ)	ପ୍ରକଳ୍ପ ପାଇଁ ଆବଶ୍ୟକ ରକବା (ଏକରରେ)
୧	୨୦୬/୩୮	୨୭୫	ଆଟ	ଦାମୋଦର ଗୁଲାନୀ ପିତା ଭାସ୍କର ଗୁଲାନୀ	୧.୫୫୦	୦.୫୦୦
୨		୨୭୫	ଆଟ	ପିତାମ୍ବର ଗୁଲାନୀ	୦.୫୫୦	୦.୦୫୫
SEE NEXT
